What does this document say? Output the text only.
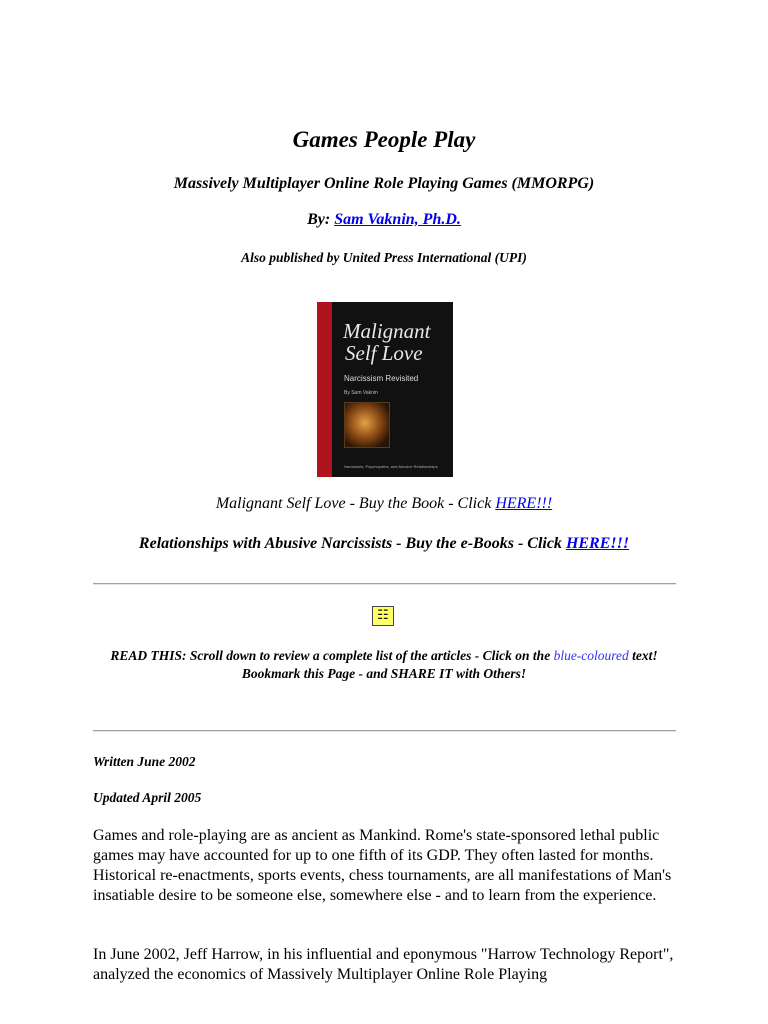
Games People Play
Massively Multiplayer Online Role Playing Games (MMORPG)
By: Sam Vaknin, Ph.D.
Also published by United Press International (UPI)
Malignant
Self Love
Narcissism Revisited
By Sam Vaknin
Narcissists, Psychopaths, and Abusive Relationships
Malignant Self Love - Buy the Book - Click HERE!!!
Relationships with Abusive Narcissists - Buy the e-Books - Click HERE!!!
☷
READ THIS: Scroll down to review a complete list of the articles - Click on the blue-coloured text!
Bookmark this Page - and SHARE IT with Others!
Written June 2002
Updated April 2005
Games and role-playing are as ancient as Mankind. Rome's state-sponsored lethal public games may have accounted for up to one fifth of its GDP. They often lasted for months. Historical re-enactments, sports events, chess tournaments, are all manifestations of Man's insatiable desire to be someone else, somewhere else - and to learn from the experience.
In June 2002, Jeff Harrow, in his influential and eponymous "Harrow Technology Report", analyzed the economics of Massively Multiplayer Online Role Playing
